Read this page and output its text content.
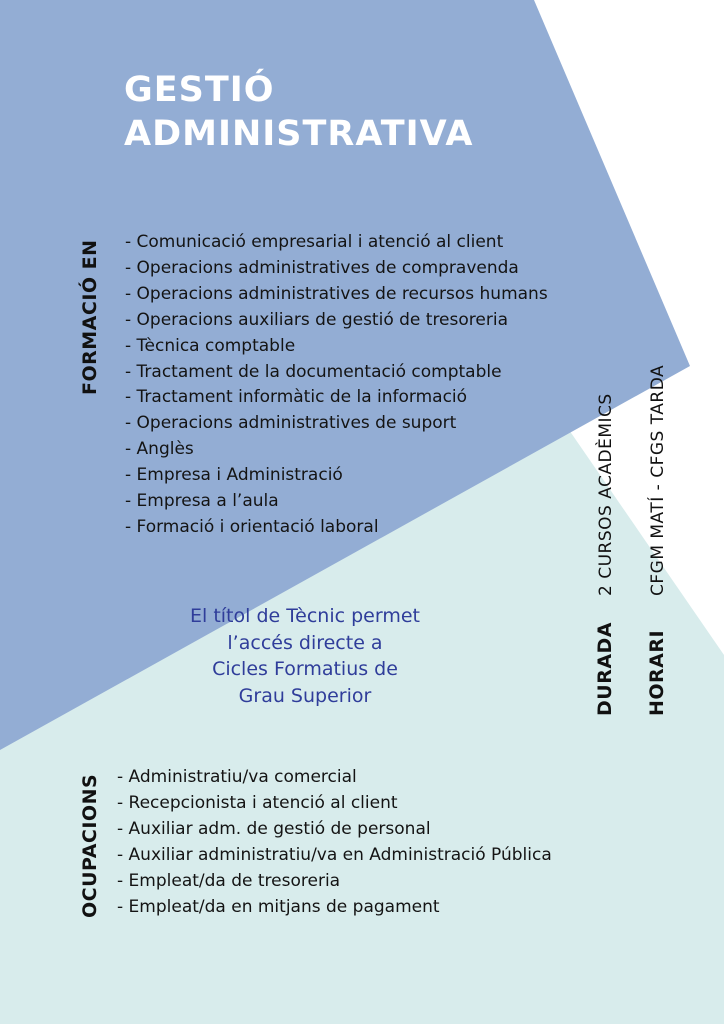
GESTIÓ
ADMINISTRATIVA
FORMACIÓ EN - Comunicació empresarial i atenció al client
- Operacions administratives de compravenda
- Operacions administratives de recursos humans
- Operacions auxiliars de gestió de tresoreria
- Tècnica comptable
- Tractament de la documentació comptable
- Tractament informàtic de la informació
- Operacions administratives de suport
- Anglès
- Empresa i Administració
- Empresa a l’aula
- Formació i orientació laboral
El títol de Tècnic permet
l’accés directe a
Cicles Formatius de
Grau Superior	DURADA
2 CURSOS ACADÈMICS
HORARI
CFGM MATÍ - CFGS TARDA
OCUPACIONS - Administratiu/va comercial
- Recepcionista i atenció al client
- Auxiliar adm. de gestió de personal
- Auxiliar administratiu/va en Administració Pública
- Empleat/da de tresoreria
- Empleat/da en mitjans de pagament
